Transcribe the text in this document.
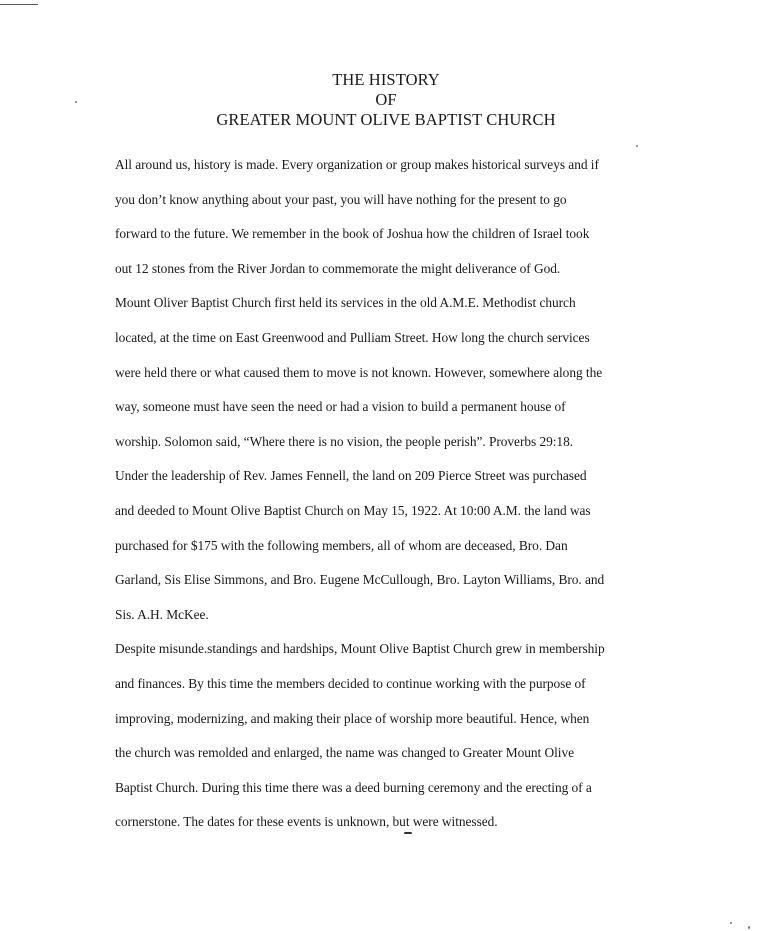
THE HISTORY
OF
GREATER MOUNT OLIVE BAPTIST CHURCH
All around us, history is made. Every organization or group makes historical surveys and if
you don’t know anything about your past, you will have nothing for the present to go
forward to the future. We remember in the book of Joshua how the children of Israel took
out 12 stones from the River Jordan to commemorate the might deliverance of God.
Mount Oliver Baptist Church first held its services in the old A.M.E. Methodist church
located, at the time on East Greenwood and Pulliam Street. How long the church services
were held there or what caused them to move is not known. However, somewhere along the
way, someone must have seen the need or had a vision to build a permanent house of
worship. Solomon said, “Where there is no vision, the people perish”. Proverbs 29:18.
Under the leadership of Rev. James Fennell, the land on 209 Pierce Street was purchased
and deeded to Mount Olive Baptist Church on May 15, 1922. At 10:00 A.M. the land was
purchased for $175 with the following members, all of whom are deceased, Bro. Dan
Garland, Sis Elise Simmons, and Bro. Eugene McCullough, Bro. Layton Williams, Bro. and
Sis. A.H. McKee.
Despite misunde.standings and hardships, Mount Olive Baptist Church grew in membership
and finances. By this time the members decided to continue working with the purpose of
improving, modernizing, and making their place of worship more beautiful. Hence, when
the church was remolded and enlarged, the name was changed to Greater Mount Olive
Baptist Church. During this time there was a deed burning ceremony and the erecting of a
cornerstone. The dates for these events is unknown, but were witnessed.
